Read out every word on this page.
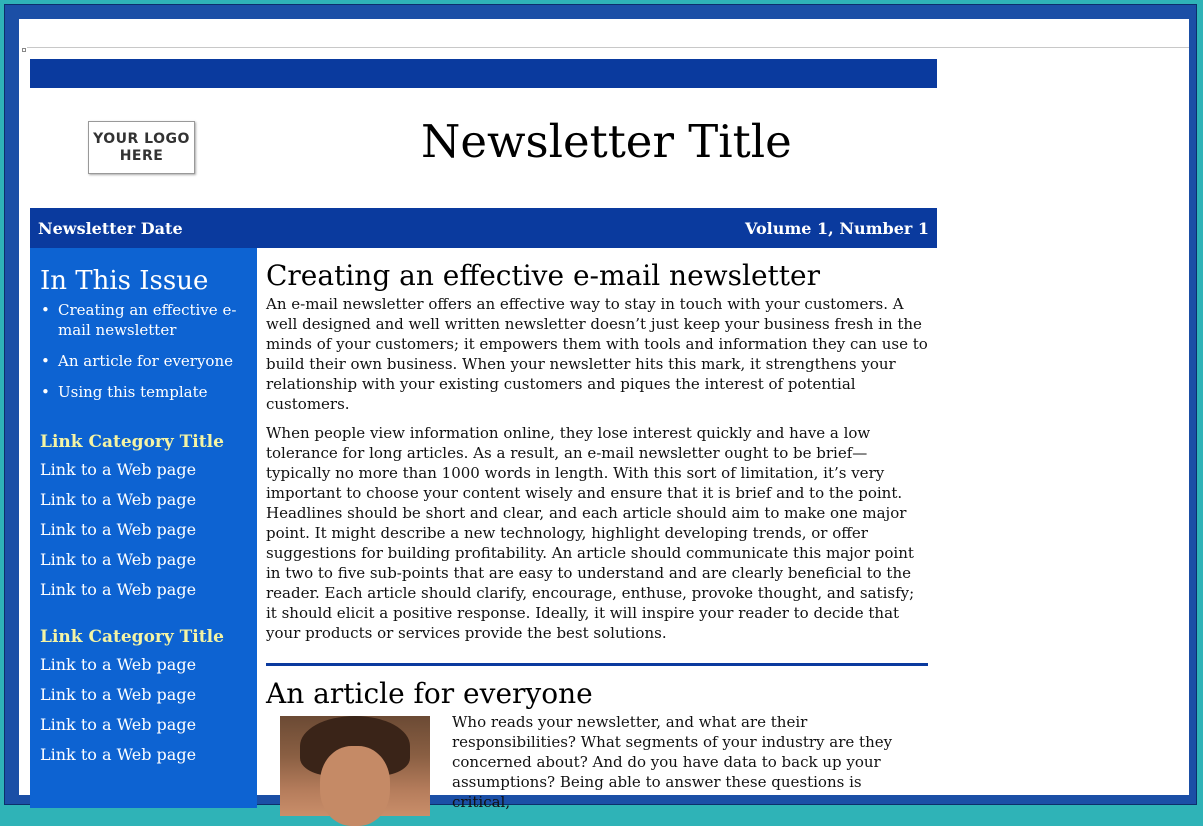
YOUR LOGO
HERE	Newsletter Title
Newsletter Date	Volume 1, Number 1
In This Issue
• Creating an effective e-mail newsletter
• An article for everyone
• Using this template
Link Category Title
Link to a Web page
Link to a Web page
Link to a Web page
Link to a Web page
Link to a Web page
Link Category Title
Link to a Web page
Link to a Web page
Link to a Web page
Link to a Web page
Creating an effective e-mail newsletter

An e-mail newsletter offers an effective way to stay in touch with your customers. A well designed and well written newsletter doesn’t just keep your business fresh in the minds of your customers; it empowers them with tools and information they can use to build their own business. When your newsletter hits this mark, it strengthens your relationship with your existing customers and piques the interest of potential customers.

When people view information online, they lose interest quickly and have a low tolerance for long articles. As a result, an e-mail newsletter ought to be brief—typically no more than 1000 words in length. With this sort of limitation, it’s very important to choose your content wisely and ensure that it is brief and to the point. Headlines should be short and clear, and each article should aim to make one major point. It might describe a new technology, highlight developing trends, or offer suggestions for building profitability. An article should communicate this major point in two to five sub-points that are easy to understand and are clearly beneficial to the reader. Each article should clarify, encourage, enthuse, provoke thought, and satisfy; it should elicit a positive response. Ideally, it will inspire your reader to decide that your products or services provide the best solutions.

An article for everyone

Who reads your newsletter, and what are their responsibilities? What segments of your industry are they concerned about? And do you have data to back up your assumptions? Being able to answer these questions is critical,
